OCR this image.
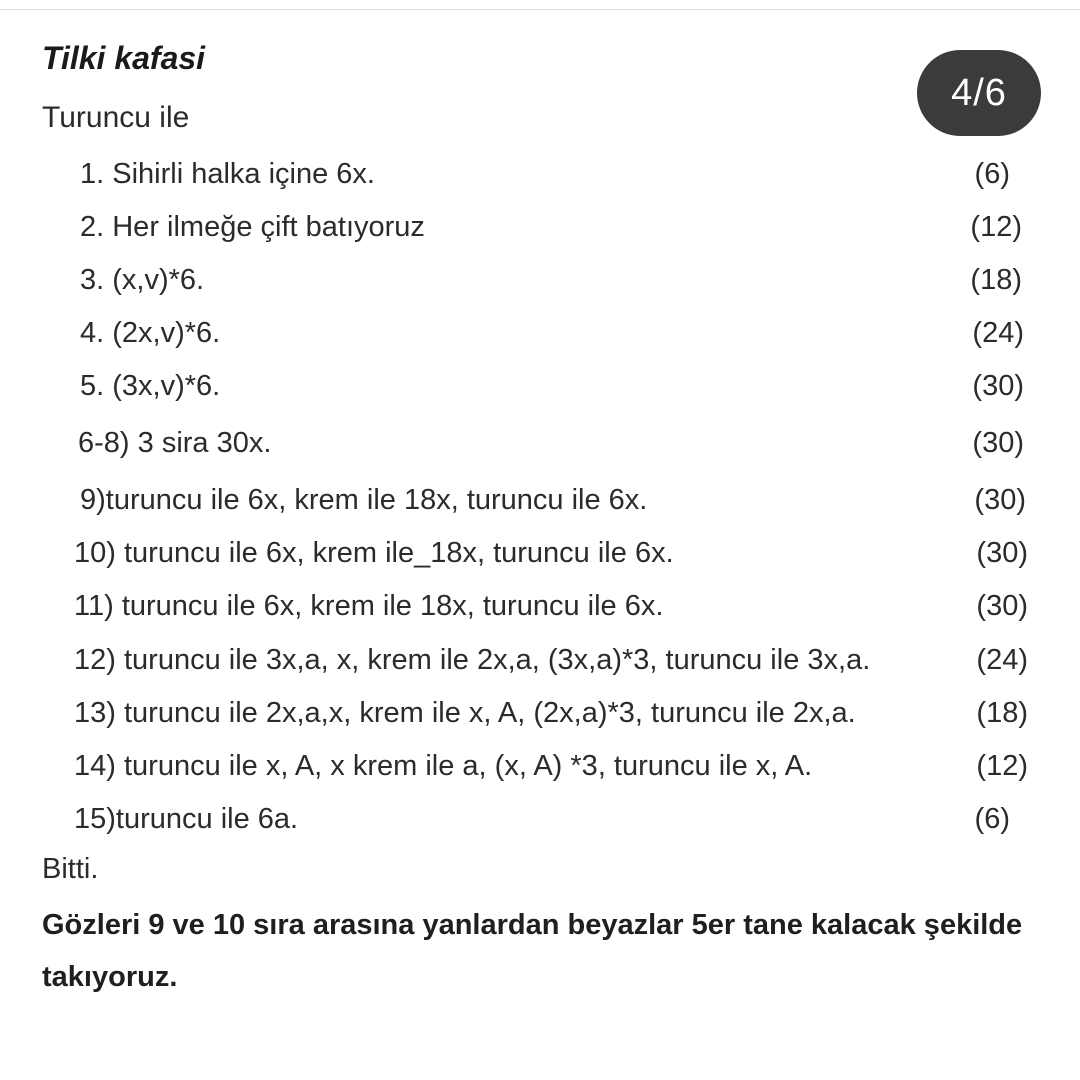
Tilki kafasi
Turuncu ile
4/6
1. Sihirli halka içine 6x.	(6)
2. Her ilmeğe çift batıyoruz	(12)
3. (x,v)*6.	(18)
4. (2x,v)*6.	(24)
5. (3x,v)*6.	(30)
6-8) 3 sira 30x.	(30)
9)turuncu ile 6x, krem ile 18x, turuncu ile 6x.	(30)
10) turuncu ile 6x, krem ile_18x, turuncu ile 6x.	(30)
11) turuncu ile 6x, krem ile 18x, turuncu ile 6x.	(30)
12) turuncu ile 3x,a, x, krem ile 2x,a, (3x,a)*3, turuncu ile 3x,a.	(24)
13) turuncu ile 2x,a,x, krem ile x, A, (2x,a)*3, turuncu ile 2x,a.	(18)
14) turuncu ile x, A, x krem ile a, (x, A) *3, turuncu ile x, A.	(12)
15)turuncu ile 6a.	(6)
Bitti.
Gözleri 9 ve 10 sıra arasına yanlardan beyazlar 5er tane kalacak şekilde takıyoruz.
